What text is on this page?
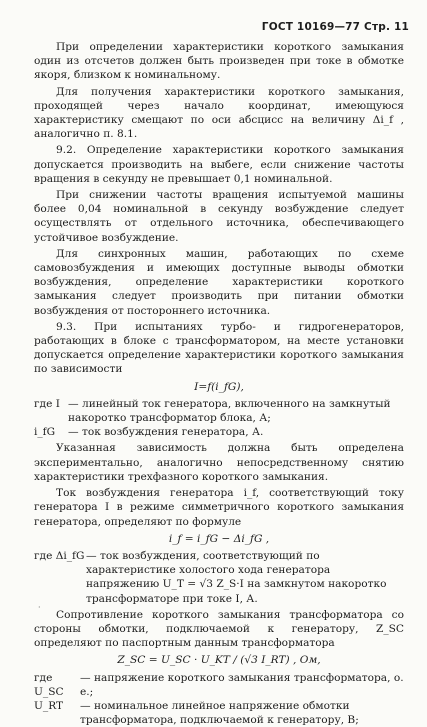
ГОСТ 10169—77 Стр. 11

При определении характеристики короткого замыкания один из отсчетов должен быть произведен при токе в обмотке якоря, близком к номинальному.

Для получения характеристики короткого замыкания, проходящей через начало координат, имеющуюся характеристику смещают по оси абсцисс на величину Δi_f , аналогично п. 8.1.

9.2. Определение характеристики короткого замыкания допускается производить на выбеге, если снижение частоты вращения в секунду не превышает 0,1 номинальной.

При снижении частоты вращения испытуемой машины более 0,04 номинальной в секунду возбуждение следует осуществлять от отдельного источника, обеспечивающего устойчивое возбуждение.

Для синхронных машин, работающих по схеме самовозбуждения и имеющих доступные выводы обмотки возбуждения, определение характеристики короткого замыкания следует производить при питании обмотки возбуждения от постороннего источника.

9.3. При испытаниях турбо- и гидрогенераторов, работающих в блоке с трансформатором, на месте установки допускается определение характеристики короткого замыкания по зависимости

I=f(i_fG),

где I — линейный ток генератора, включенного на замкнутый накоротко трансформатор блока, А;
i_fG	— ток возбуждения генератора, А.

Указанная зависимость должна быть определена экспериментально, аналогично непосредственному снятию характеристики трехфазного короткого замыкания.

Ток возбуждения генератора i_f, соответствующий току генератора I в режиме симметричного короткого замыкания генератора, определяют по формуле

i_f = i_fG − Δi_fG ,

где Δi_fG — ток возбуждения, соответствующий по характеристике холостого хода генератора напряжению U_T = √3 Z_S·I на замкнутом накоротко трансформаторе при токе I, А.

Сопротивление короткого замыкания трансформатора со стороны обмотки, подключаемой к генератору, Z_SC определяют по паспортным данным трансформатора

Z_SC = U_SC · U_KT / (√3 I_RT) , Ом,

где U_SC
— напряжение короткого замыкания трансформатора, о. е.;
U_RT	— номинальное линейное напряжение обмотки трансформатора, подключаемой к генератору, В;
·
